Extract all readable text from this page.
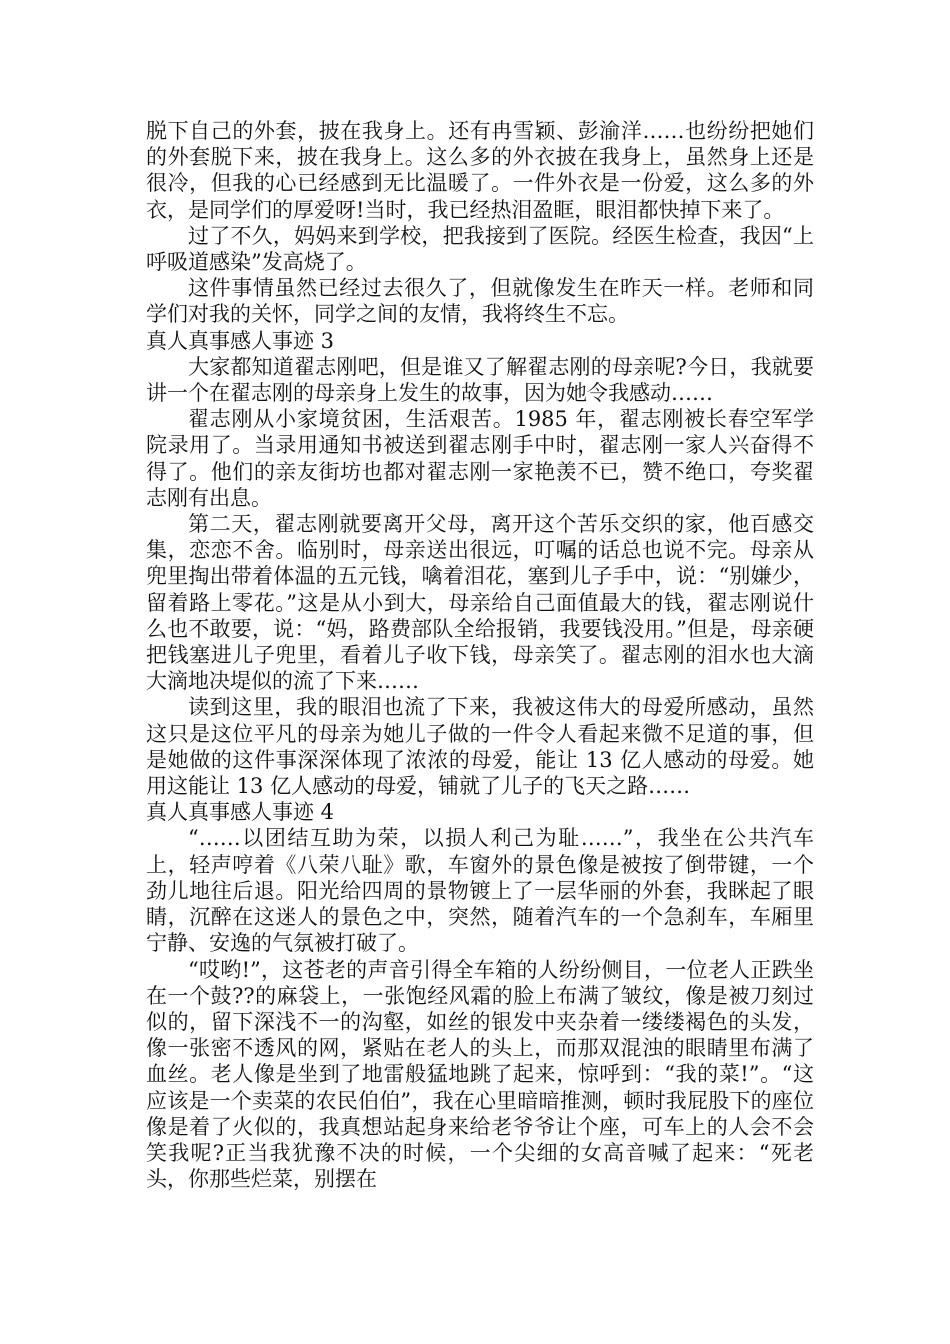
脱下自己的外套，披在我身上。还有冉雪颖、彭渝洋……也纷纷把她们的外套脱下来，披在我身上。这么多的外衣披在我身上，虽然身上还是很冷，但我的心已经感到无比温暖了。一件外衣是一份爱，这么多的外衣，是同学们的厚爱呀!当时，我已经热泪盈眶，眼泪都快掉下来了。

过了不久，妈妈来到学校，把我接到了医院。经医生检查，我因“上呼吸道感染”发高烧了。

这件事情虽然已经过去很久了，但就像发生在昨天一样。老师和同学们对我的关怀，同学之间的友情，我将终生不忘。

真人真事感人事迹 3

大家都知道翟志刚吧，但是谁又了解翟志刚的母亲呢?今日，我就要讲一个在翟志刚的母亲身上发生的故事，因为她令我感动……

翟志刚从小家境贫困，生活艰苦。1985 年，翟志刚被长春空军学院录用了。当录用通知书被送到翟志刚手中时，翟志刚一家人兴奋得不得了。他们的亲友街坊也都对翟志刚一家艳羡不已，赞不绝口，夸奖翟志刚有出息。

第二天，翟志刚就要离开父母，离开这个苦乐交织的家，他百感交集，恋恋不舍。临别时，母亲送出很远，叮嘱的话总也说不完。母亲从兜里掏出带着体温的五元钱，噙着泪花，塞到儿子手中，说：“别嫌少，留着路上零花。”这是从小到大，母亲给自己面值最大的钱，翟志刚说什么也不敢要，说：“妈，路费部队全给报销，我要钱没用。”但是，母亲硬把钱塞进儿子兜里，看着儿子收下钱，母亲笑了。翟志刚的泪水也大滴大滴地决堤似的流了下来……

读到这里，我的眼泪也流了下来，我被这伟大的母爱所感动，虽然这只是这位平凡的母亲为她儿子做的一件令人看起来微不足道的事，但是她做的这件事深深体现了浓浓的母爱，能让 13 亿人感动的母爱。她用这能让 13 亿人感动的母爱，铺就了儿子的飞天之路……

真人真事感人事迹 4

“……以团结互助为荣，以损人利己为耻……”，我坐在公共汽车上，轻声哼着《八荣八耻》歌，车窗外的景色像是被按了倒带键，一个劲儿地往后退。阳光给四周的景物镀上了一层华丽的外套，我眯起了眼睛，沉醉在这迷人的景色之中，突然，随着汽车的一个急刹车，车厢里宁静、安逸的气氛被打破了。

“哎哟!”，这苍老的声音引得全车箱的人纷纷侧目，一位老人正跌坐在一个鼓??的麻袋上，一张饱经风霜的脸上布满了皱纹，像是被刀刻过似的，留下深浅不一的沟壑，如丝的银发中夹杂着一缕缕褐色的头发，像一张密不透风的网，紧贴在老人的头上，而那双混浊的眼睛里布满了血丝。老人像是坐到了地雷般猛地跳了起来，惊呼到：“我的菜!”。“这应该是一个卖菜的农民伯伯”，我在心里暗暗推测，顿时我屁股下的座位像是着了火似的，我真想站起身来给老爷爷让个座，可车上的人会不会笑我呢?正当我犹豫不决的时候，一个尖细的女高音喊了起来：“死老头，你那些烂菜，别摆在
